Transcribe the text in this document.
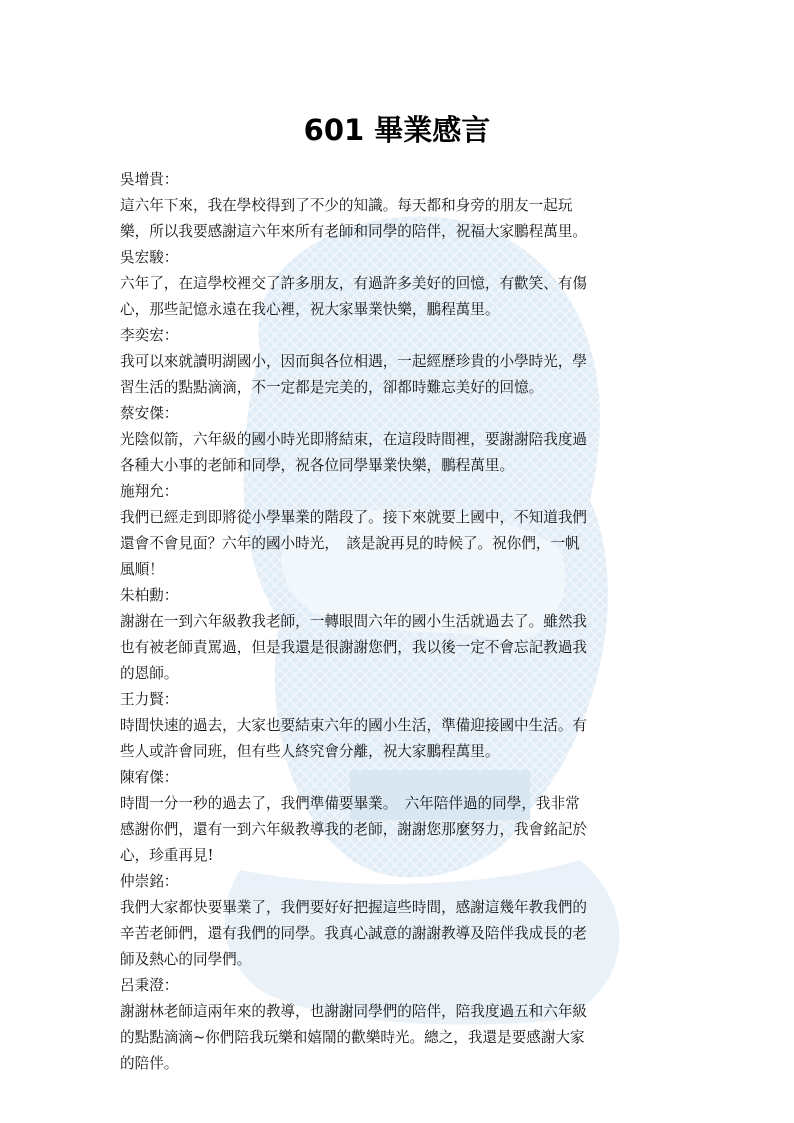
601 畢業感言
吳增貴：
這六年下來，我在學校得到了不少的知識。每天都和身旁的朋友一起玩
樂，所以我要感謝這六年來所有老師和同學的陪伴，祝福大家鵬程萬里。
吳宏駿：
六年了，在這學校裡交了許多朋友，有過許多美好的回憶，有歡笑、有傷
心，那些記憶永遠在我心裡，祝大家畢業快樂，鵬程萬里。
李奕宏：
我可以來就讀明湖國小，因而與各位相遇，一起經歷珍貴的小學時光，學
習生活的點點滴滴，不一定都是完美的，卻都時難忘美好的回憶。
蔡安傑：
光陰似箭，六年級的國小時光即將結束，在這段時間裡，要謝謝陪我度過
各種大小事的老師和同學，祝各位同學畢業快樂，鵬程萬里。
施翔允：
我們已經走到即將從小學畢業的階段了。接下來就要上國中，不知道我們
還會不會見面？六年的國小時光，　該是說再見的時候了。祝你們，一帆
風順！
朱柏勳：
謝謝在一到六年級教我老師，一轉眼間六年的國小生活就過去了。雖然我
也有被老師責罵過，但是我還是很謝謝您們，我以後一定不會忘記教過我
的恩師。
王力賢：
時間快速的過去，大家也要結束六年的國小生活，準備迎接國中生活。有
些人或許會同班，但有些人終究會分離，祝大家鵬程萬里。
陳宥傑：
時間一分一秒的過去了，我們準備要畢業。　六年陪伴過的同學，我非常
感謝你們，還有一到六年級教導我的老師，謝謝您那麼努力，我會銘記於
心，珍重再見!
仲崇銘：
我們大家都快要畢業了，我們要好好把握這些時間，感謝這幾年教我們的
辛苦老師們，還有我們的同學。我真心誠意的謝謝教導及陪伴我成長的老
師及熱心的同學們。
呂秉澄：
謝謝林老師這兩年來的教導，也謝謝同學們的陪伴，陪我度過五和六年級
的點點滴滴~你們陪我玩樂和嬉鬧的歡樂時光。總之，我還是要感謝大家
的陪伴。
